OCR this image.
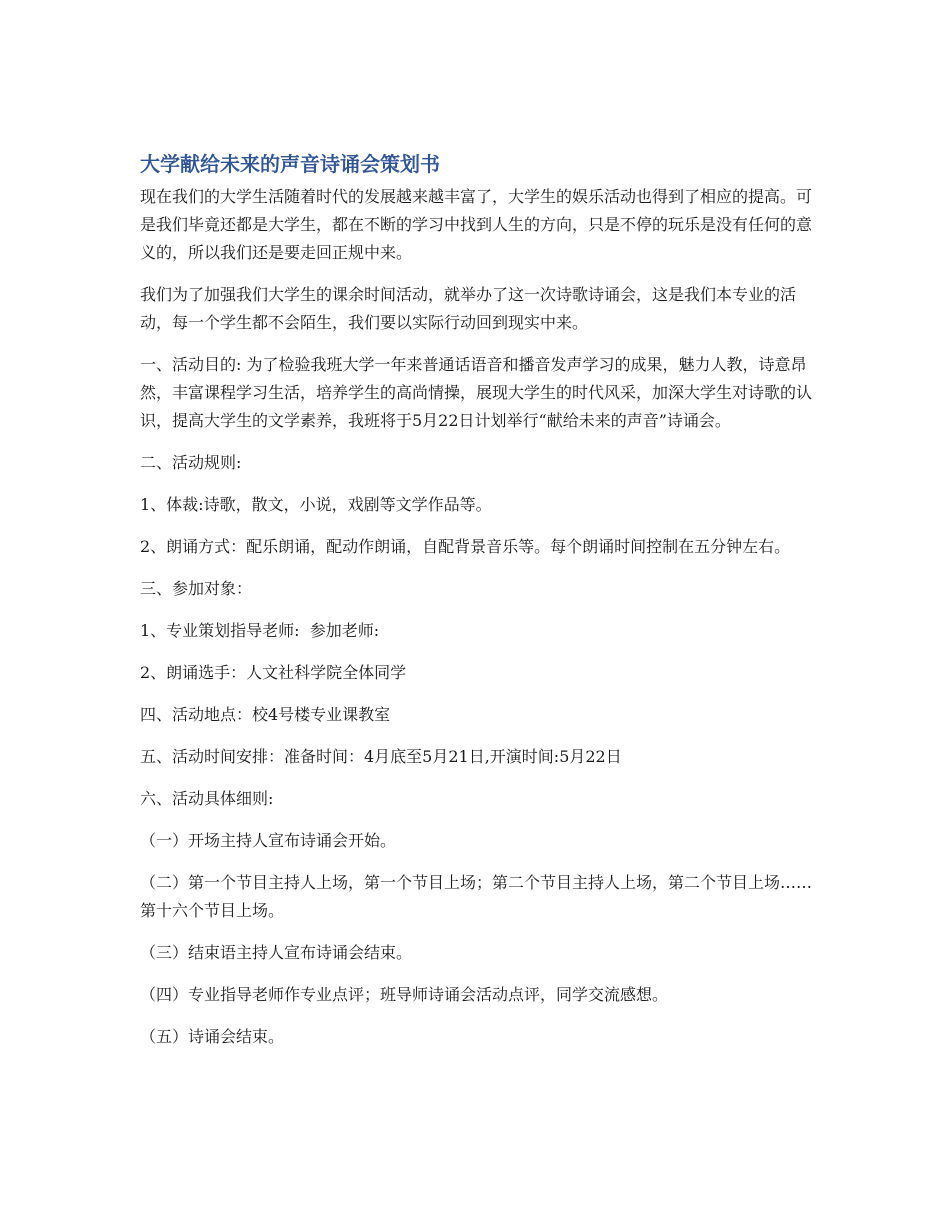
大学献给未来的声音诗诵会策划书

现在我们的大学生活随着时代的发展越来越丰富了，大学生的娱乐活动也得到了相应的提高。可是我们毕竟还都是大学生，都在不断的学习中找到人生的方向，只是不停的玩乐是没有任何的意义的，所以我们还是要走回正规中来。

我们为了加强我们大学生的课余时间活动，就举办了这一次诗歌诗诵会，这是我们本专业的活动，每一个学生都不会陌生，我们要以实际行动回到现实中来。

一、活动目的: 为了检验我班大学一年来普通话语音和播音发声学习的成果，魅力人教，诗意昂然，丰富课程学习生活，培养学生的高尚情操，展现大学生的时代风采，加深大学生对诗歌的认识，提高大学生的文学素养，我班将于5月22日计划举行“献给未来的声音”诗诵会。

二、活动规则:

1、体裁:诗歌，散文，小说，戏剧等文学作品等。

2、朗诵方式：配乐朗诵，配动作朗诵，自配背景音乐等。每个朗诵时间控制在五分钟左右。

三、参加对象：

1、专业策划指导老师:  参加老师:

2、朗诵选手：人文社科学院全体同学

四、活动地点：校4号楼专业课教室

五、活动时间安排：准备时间：4月底至5月21日,开演时间:5月22日

六、活动具体细则:

（一）开场主持人宣布诗诵会开始。

（二）第一个节目主持人上场，第一个节目上场；第二个节目主持人上场，第二个节目上场……第十六个节目上场。

（三）结束语主持人宣布诗诵会结束。

（四）专业指导老师作专业点评；班导师诗诵会活动点评，同学交流感想。

（五）诗诵会结束。
